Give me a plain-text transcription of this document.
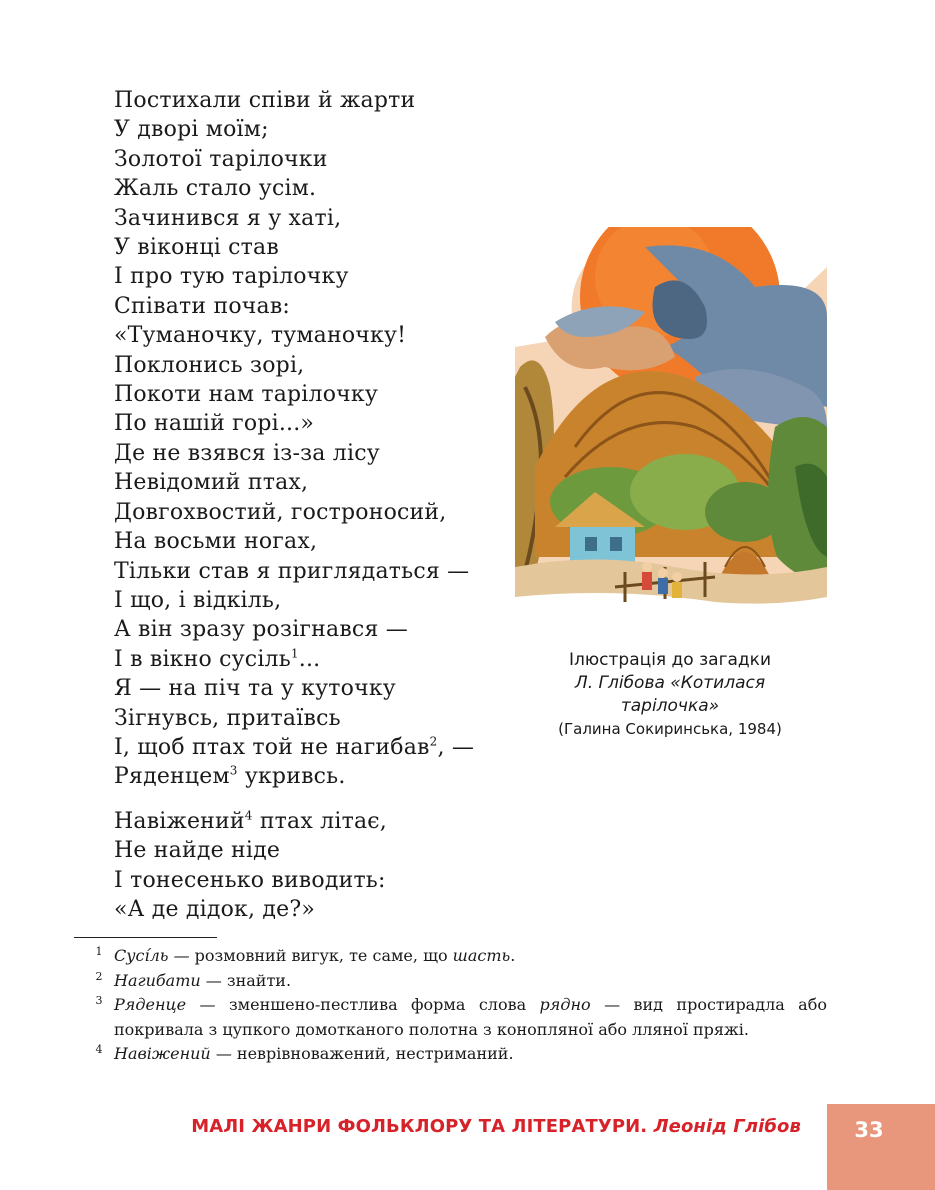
Постихали співи й жарти
У дворі моїм;
Золотої тарілочки
Жаль стало усім.
Зачинився я у хаті,
У віконці став
І про тую тарілочку
Співати почав:
«Туманочку, туманочку!
Поклонись зорі,
Покоти нам тарілочку
По нашій горі...»
Де не взявся із-за лісу
Невідомий птах,
Довгохвостий, гостроносий,
На восьми ногах,
Тільки став я приглядаться —
І що, і відкіль,
А він зразу розігнався —
І в вікно сусіль$^1$...
Я — на піч та у куточку
Зігнувсь, притаївсь
І, щоб птах той не нагибав$^2$, —
Ряденцем$^3$ укривсь.
Навіжений$^4$ птах літає,
Не найде ніде
І тонесенько виводить:
«А де дідок, де?»
Ілюстрація до загадки
Л. Глібова «Котилася
тарілочка»
(Галина Сокиринська, 1984)
1 Сусі́ль — розмовний вигук, те саме, що шасть.
2 Нагибати — знайти.
3 Ряденце — зменшено-пестлива форма слова рядно — вид простирадла або покривала з цупкого домотканого полотна з конопляної або лляної пряжі.
4 Навіжений — неврівноважений, нестриманий.
МАЛІ ЖАНРИ ФОЛЬКЛОРУ ТА ЛІТЕРАТУРИ. Леонід Глібов	33
